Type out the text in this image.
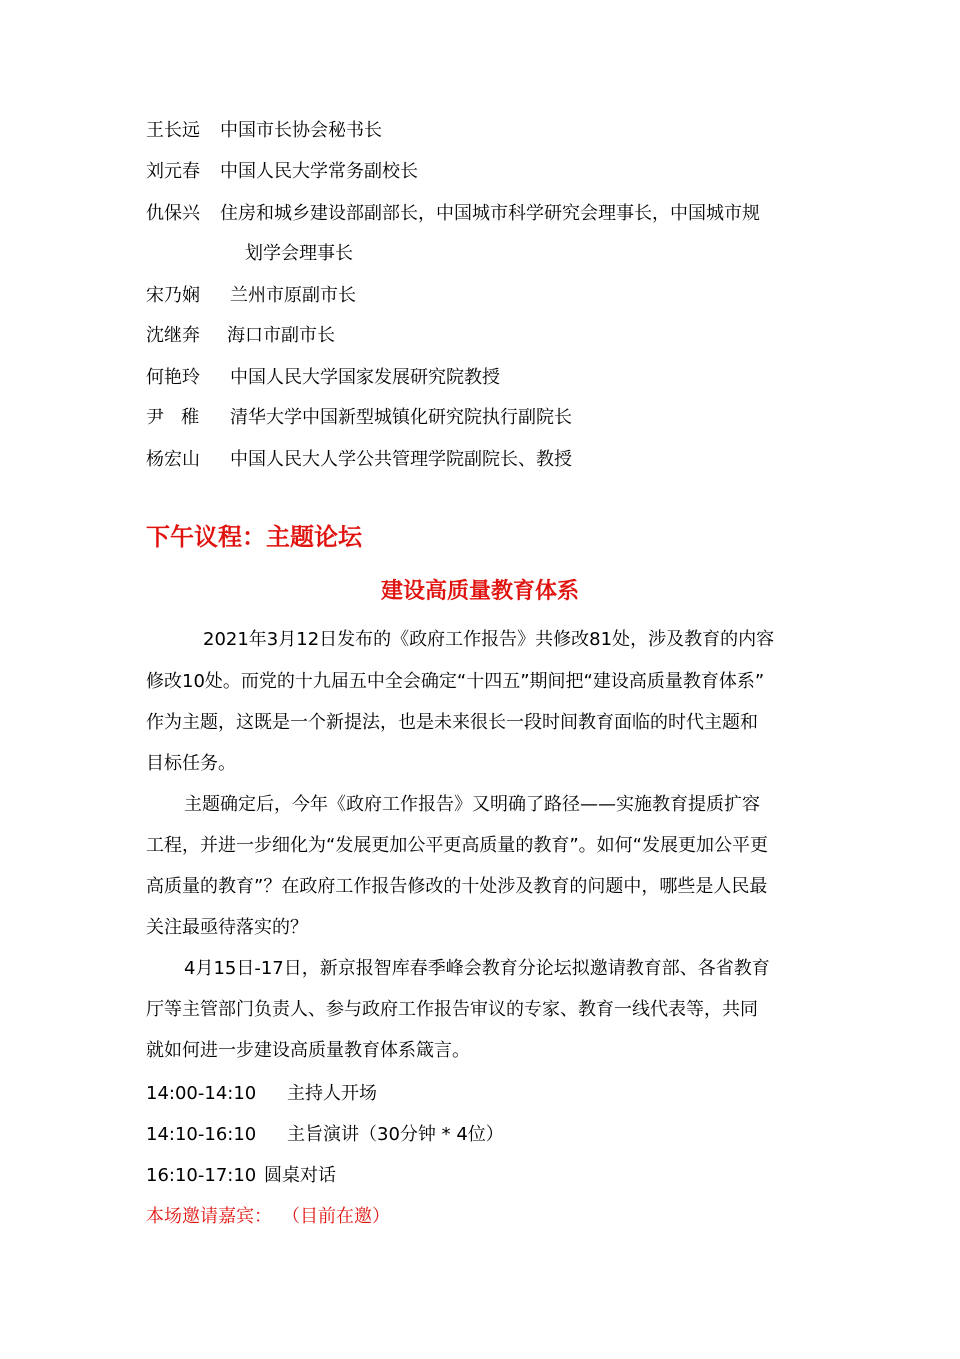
王长远 中国市长协会秘书长
刘元春 中国人民大学常务副校长
仇保兴 住房和城乡建设部副部长，中国城市科学研究会理事长，中国城市规
划学会理事长
宋乃娴 兰州市原副市长
沈继奔 海口市副市长
何艳玲 中国人民大学国家发展研究院教授
尹   稚 清华大学中国新型城镇化研究院执行副院长
杨宏山 中国人民大人学公共管理学院副院长、教授
下午议程：主题论坛
建设高质量教育体系
2021年3月12日发布的《政府工作报告》共修改81处，涉及教育的内容
修改10处。而党的十九届五中全会确定“十四五”期间把“建设高质量教育体系”
作为主题，这既是一个新提法，也是未来很长一段时间教育面临的时代主题和
目标任务。
主题确定后，今年《政府工作报告》又明确了路径——实施教育提质扩容
工程，并进一步细化为“发展更加公平更高质量的教育”。如何“发展更加公平更
高质量的教育”？在政府工作报告修改的十处涉及教育的问题中，哪些是人民最
关注最亟待落实的？
4月15日-17日，新京报智库春季峰会教育分论坛拟邀请教育部、各省教育
厅等主管部门负责人、参与政府工作报告审议的专家、教育一线代表等，共同
就如何进一步建设高质量教育体系箴言。
14:00-14:10 主持人开场
14:10-16:10 主旨演讲（30分钟 * 4位）
16:10-17:10 圆桌对话
本场邀请嘉宾： （目前在邀）
